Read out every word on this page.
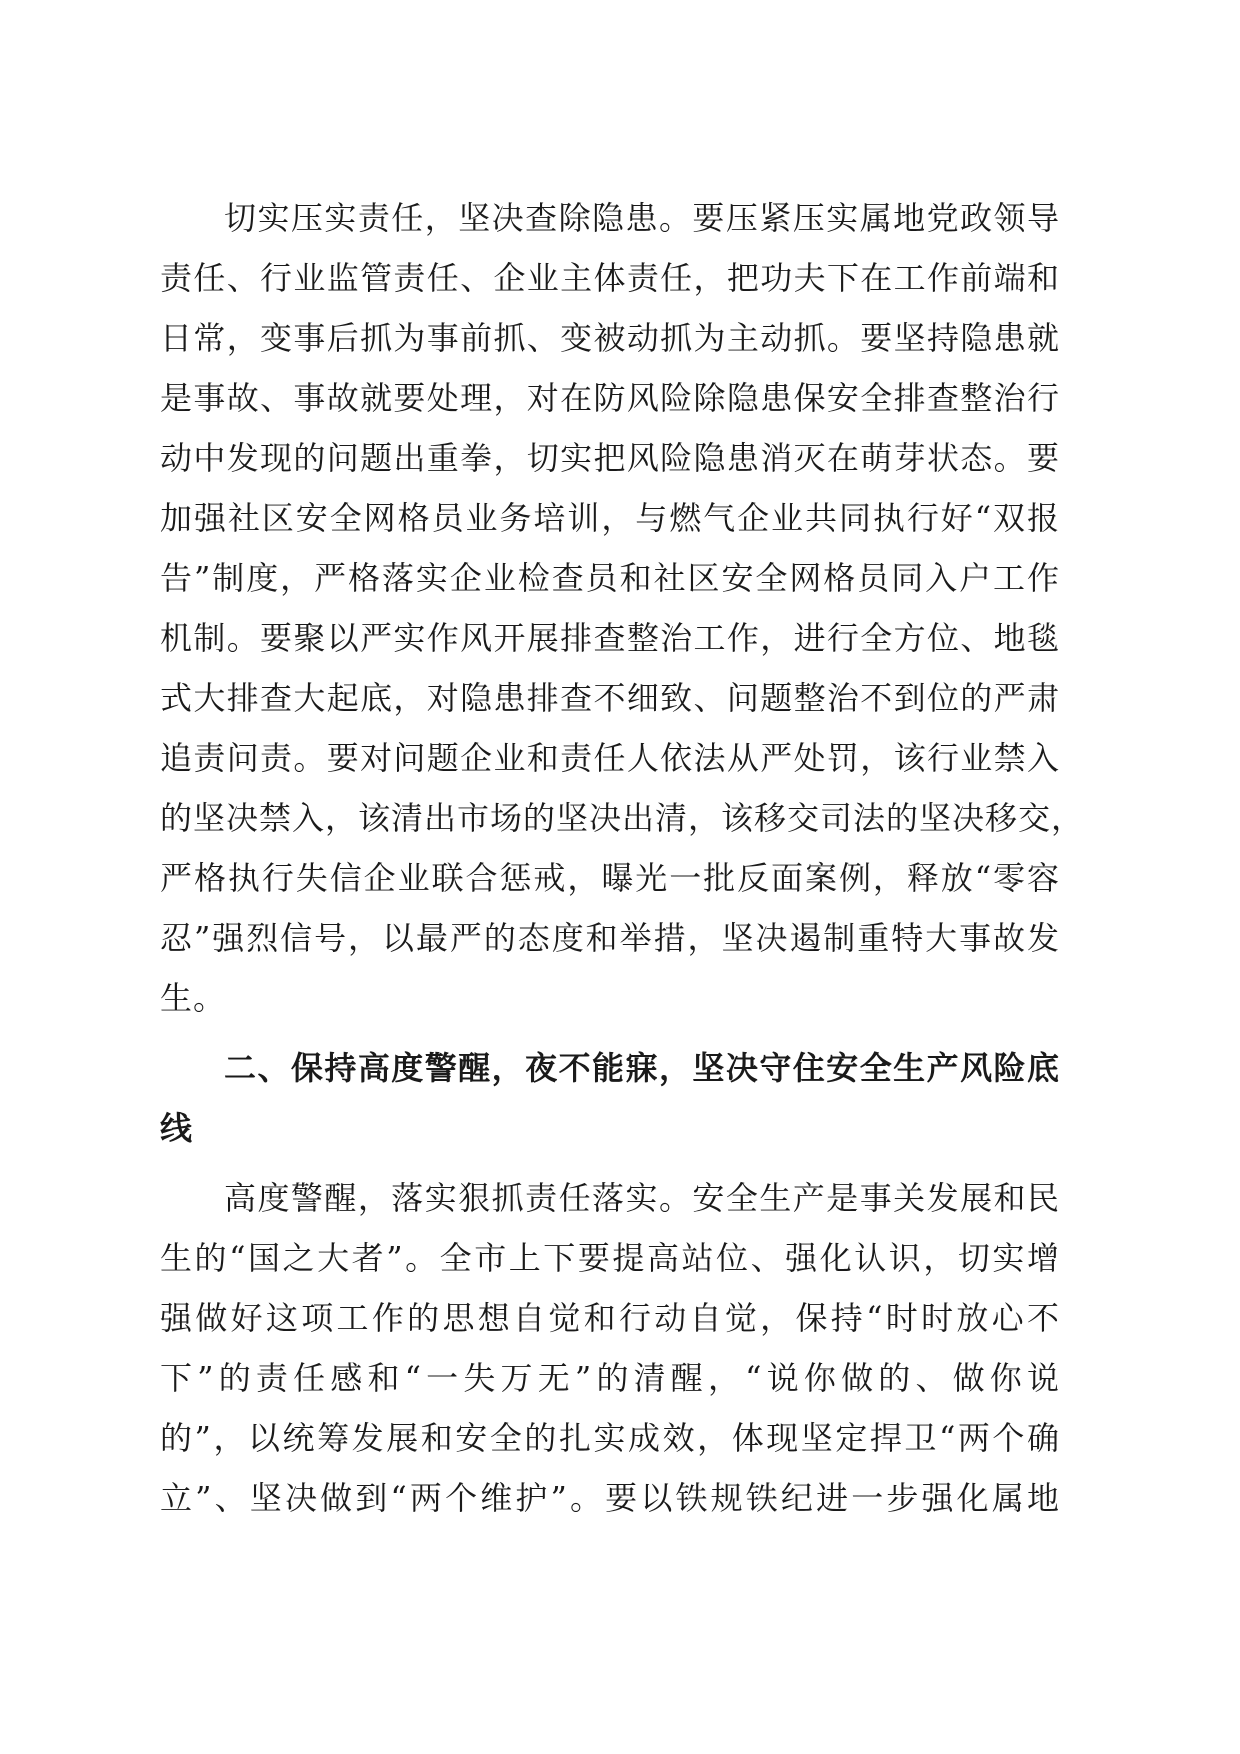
切实压实责任，坚决查除隐患。要压紧压实属地党政领导
责任、行业监管责任、企业主体责任，把功夫下在工作前端和
日常，变事后抓为事前抓、变被动抓为主动抓。要坚持隐患就
是事故、事故就要处理，对在防风险除隐患保安全排查整治行
动中发现的问题出重拳，切实把风险隐患消灭在萌芽状态。要
加强社区安全网格员业务培训，与燃气企业共同执行好“双报
告”制度，严格落实企业检查员和社区安全网格员同入户工作
机制。要聚以严实作风开展排查整治工作，进行全方位、地毯
式大排查大起底，对隐患排查不细致、问题整治不到位的严肃
追责问责。要对问题企业和责任人依法从严处罚，该行业禁入
的坚决禁入，该清出市场的坚决出清，该移交司法的坚决移交，
严格执行失信企业联合惩戒，曝光一批反面案例，释放“零容
忍”强烈信号，以最严的态度和举措，坚决遏制重特大事故发
生。
二、保持高度警醒，夜不能寐，坚决守住安全生产风险底
线
高度警醒，落实狠抓责任落实。安全生产是事关发展和民
生的“国之大者”。全市上下要提高站位、强化认识，切实增
强做好这项工作的思想自觉和行动自觉，保持“时时放心不
下”的责任感和“一失万无”的清醒，“说你做的、做你说
的”，以统筹发展和安全的扎实成效，体现坚定捍卫“两个确
立”、坚决做到“两个维护”。要以铁规铁纪进一步强化属地
